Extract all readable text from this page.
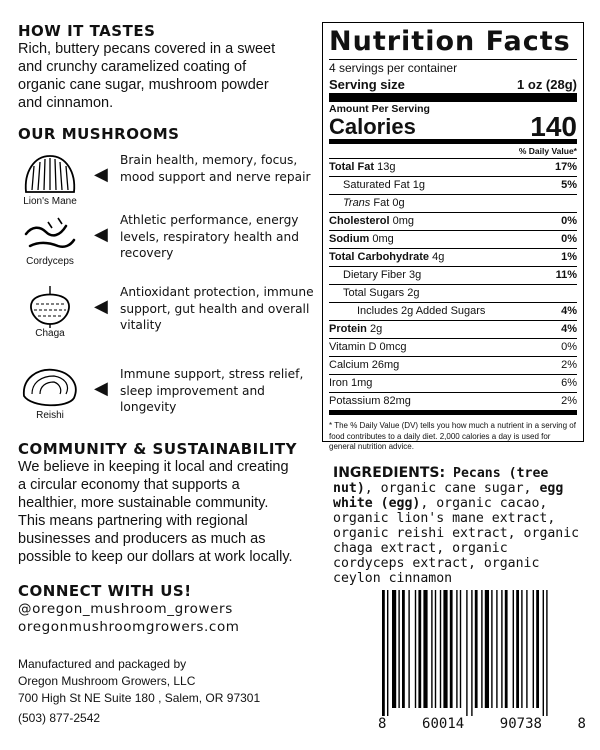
HOW IT TASTES

Rich, buttery pecans covered in a sweet

and crunchy caramelized coating of

organic cane sugar, mushroom powder

and cinnamon.

OUR MUSHROOMS
Lion's Mane
◀
Brain health, memory, focus,
mood support and nerve repair
Cordyceps
◀
Athletic performance, energy
levels, respiratory health and
recovery
Chaga
◀
Antioxidant protection, immune
support, gut health and overall
vitality
Reishi
◀
Immune support, stress relief,
sleep improvement and longevity
COMMUNITY & SUSTAINABILITY

We believe in keeping it local and creating

a circular economy that supports a

healthier, more sustainable community.

This means partnering with regional

businesses and producers as much as

possible to keep our dollars at work locally.

CONNECT WITH US!

@oregon_mushroom_growers

oregonmushroomgrowers.com

Manufactured and packaged by

Oregon Mushroom Growers, LLC

700 High St NE Suite 180 , Salem, OR 97301

(503) 877-2542

Nutrition Facts
4 servings per container
Serving size	1 oz (28g)
Amount Per Serving
Calories	140
% Daily Value*
Total Fat 13g	17%
Saturated Fat 1g	5%
Trans Fat 0g
Cholesterol 0mg	0%
Sodium 0mg	0%
Total Carbohydrate 4g	1%
Dietary Fiber 3g	11%
Total Sugars 2g
Includes 2g Added Sugars	4%
Protein 2g	4%
Vitamin D 0mcg	0%
Calcium 26mg	2%
Iron 1mg	6%
Potassium 82mg	2%
* The % Daily Value (DV) tells you how much a nutrient in a serving of food contributes to a daily diet. 2,000 calories a day is used for general nutrition advice.
INGREDIENTS: Pecans (tree nut), organic cane sugar, egg white (egg), organic cacao, organic lion's mane extract, organic reishi extract, organic chaga extract, organic cordyceps extract, organic ceylon cinnamon
8	60014	90738	8
